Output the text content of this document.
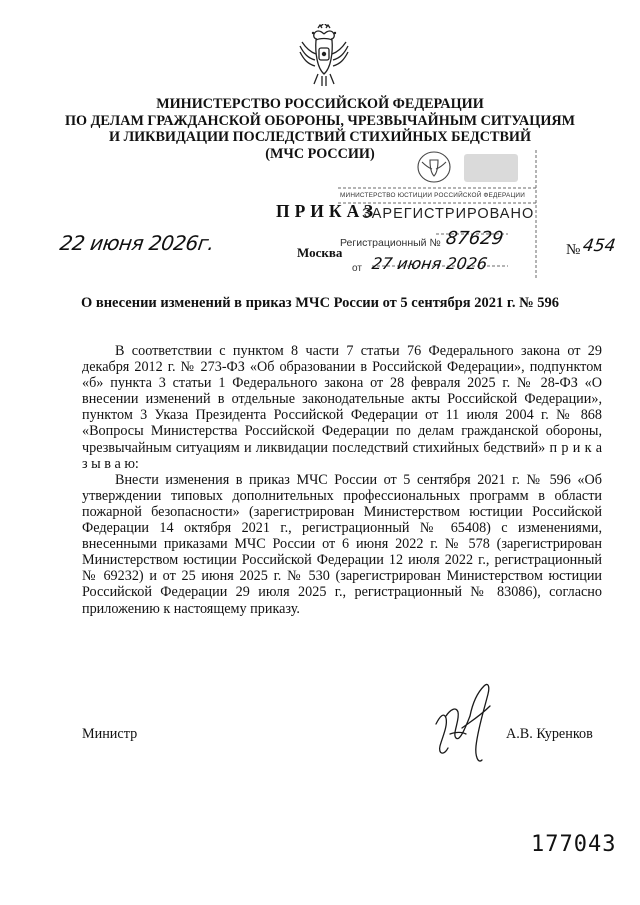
МИНИСТЕРСТВО РОССИЙСКОЙ ФЕДЕРАЦИИ
ПО ДЕЛАМ ГРАЖДАНСКОЙ ОБОРОНЫ, ЧРЕЗВЫЧАЙНЫМ СИТУАЦИЯМ
И ЛИКВИДАЦИИ ПОСЛЕДСТВИЙ СТИХИЙНЫХ БЕДСТВИЙ
(МЧС РОССИИ)
ПРИКАЗ
22 июня 2026г.	Москва	№ 454
МИНИСТЕРСТВО ЮСТИЦИИ РОССИЙСКОЙ ФЕДЕРАЦИИ
ЗАРЕГИСТРИРОВАНО
Регистрационный № 87629
от 27 июня 2026
О внесении изменений в приказ МЧС России от 5 сентября 2021 г. № 596

В соответствии с пунктом 8 части 7 статьи 76 Федерального закона от 29 декабря 2012 г. № 273-ФЗ «Об образовании в Российской Федерации», подпунктом «б» пункта 3 статьи 1 Федерального закона от 28 февраля 2025 г. № 28-ФЗ «О внесении изменений в отдельные законодательные акты Российской Федерации», пунктом 3 Указа Президента Российской Федерации от 11 июля 2004 г. № 868 «Вопросы Министерства Российской Федерации по делам гражданской обороны, чрезвычайным ситуациям и ликвидации последствий стихийных бедствий» п р и к а з ы в а ю:

Внести изменения в приказ МЧС России от 5 сентября 2021 г. № 596 «Об утверждении типовых дополнительных профессиональных программ в области пожарной безопасности» (зарегистрирован Министерством юстиции Российской Федерации 14 октября 2021 г., регистрационный № 65408) с изменениями, внесенными приказами МЧС России от 6 июня 2022 г. № 578 (зарегистрирован Министерством юстиции Российской Федерации 12 июля 2022 г., регистрационный № 69232) и от 25 июня 2025 г. № 530 (зарегистрирован Министерством юстиции Российской Федерации 29 июля 2025 г., регистрационный № 83086), согласно приложению к настоящему приказу.

Министр	А.В. Куренков
177043
